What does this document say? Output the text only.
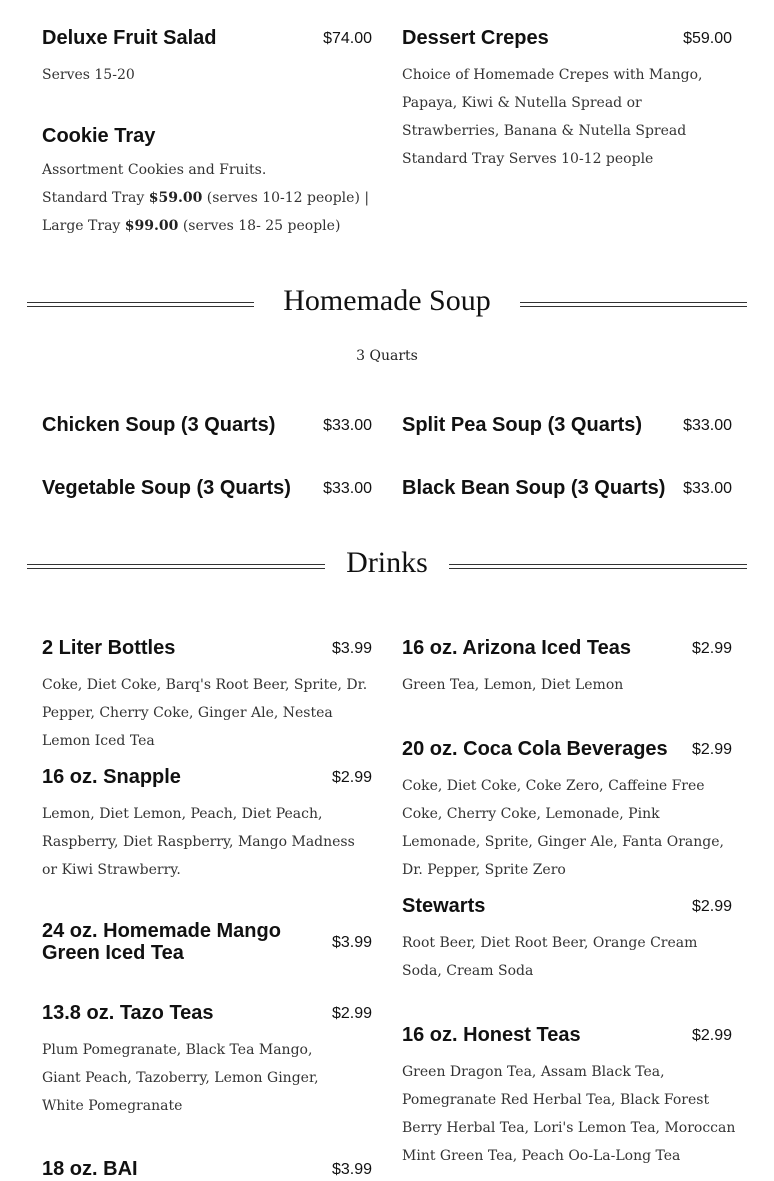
Deluxe Fruit Salad	$74.00
Serves 15-20
Dessert Crepes	$59.00
Choice of Homemade Crepes with Mango, Papaya, Kiwi & Nutella Spread or Strawberries, Banana & Nutella Spread
Standard Tray Serves 10-12 people
Cookie Tray
Assortment Cookies and Fruits.
Standard Tray $59.00 (serves 10-12 people) | Large Tray $99.00 (serves 18- 25 people)
Homemade Soup
3 Quarts
Chicken Soup (3 Quarts)	$33.00 Split Pea Soup (3 Quarts)	$33.00
Vegetable Soup (3 Quarts)	$33.00 Black Bean Soup (3 Quarts)	$33.00
Drinks
2 Liter Bottles	$3.99
Coke, Diet Coke, Barq's Root Beer, Sprite, Dr. Pepper, Cherry Coke, Ginger Ale, Nestea Lemon Iced Tea
16 oz. Snapple	$2.99
Lemon, Diet Lemon, Peach, Diet Peach, Raspberry, Diet Raspberry, Mango Madness or Kiwi Strawberry.
24 oz. Homemade Mango Green Iced Tea	$3.99
13.8 oz. Tazo Teas	$2.99
Plum Pomegranate, Black Tea Mango, Giant Peach, Tazoberry, Lemon Ginger, White Pomegranate
18 oz. BAI	$3.99
16 oz. Arizona Iced Teas	$2.99
Green Tea, Lemon, Diet Lemon
20 oz. Coca Cola Beverages	$2.99
Coke, Diet Coke, Coke Zero, Caffeine Free Coke, Cherry Coke, Lemonade, Pink Lemonade, Sprite, Ginger Ale, Fanta Orange, Dr. Pepper, Sprite Zero
Stewarts	$2.99
Root Beer, Diet Root Beer, Orange Cream Soda, Cream Soda
16 oz. Honest Teas	$2.99
Green Dragon Tea, Assam Black Tea, Pomegranate Red Herbal Tea, Black Forest Berry Herbal Tea, Lori's Lemon Tea, Moroccan Mint Green Tea, Peach Oo-La-Long Tea
